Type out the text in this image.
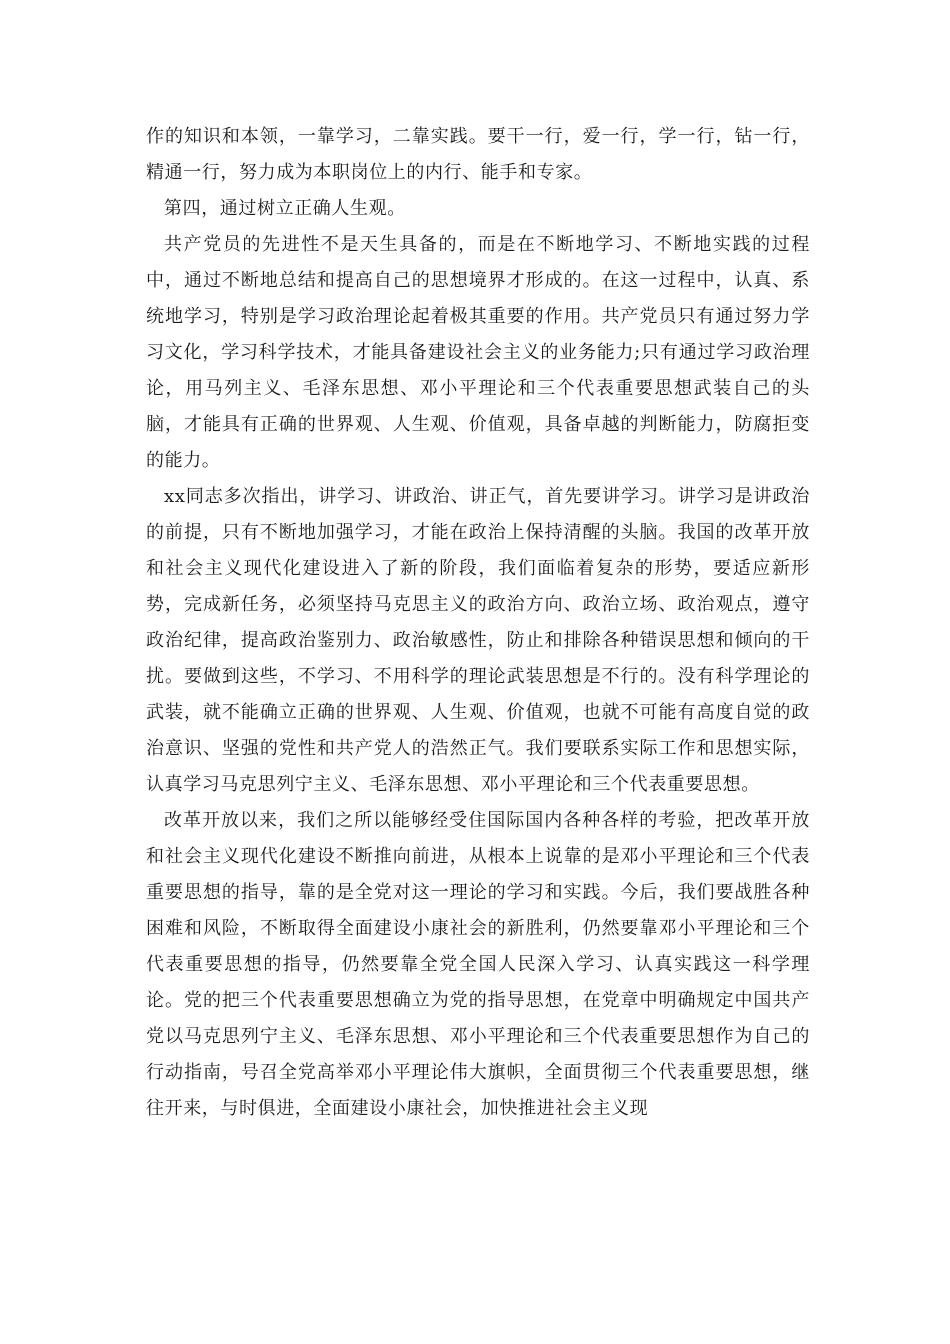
作的知识和本领，一靠学习，二靠实践。要干一行，爱一行，学一行，钻一行，精通一行，努力成为本职岗位上的内行、能手和专家。

第四，通过树立正确人生观。

共产党员的先进性不是天生具备的，而是在不断地学习、不断地实践的过程中，通过不断地总结和提高自己的思想境界才形成的。在这一过程中，认真、系统地学习，特别是学习政治理论起着极其重要的作用。共产党员只有通过努力学习文化，学习科学技术，才能具备建设社会主义的业务能力;只有通过学习政治理论，用马列主义、毛泽东思想、邓小平理论和三个代表重要思想武装自己的头脑，才能具有正确的世界观、人生观、价值观，具备卓越的判断能力，防腐拒变的能力。

xx同志多次指出，讲学习、讲政治、讲正气，首先要讲学习。讲学习是讲政治的前提，只有不断地加强学习，才能在政治上保持清醒的头脑。我国的改革开放和社会主义现代化建设进入了新的阶段，我们面临着复杂的形势，要适应新形势，完成新任务，必须坚持马克思主义的政治方向、政治立场、政治观点，遵守政治纪律，提高政治鉴别力、政治敏感性，防止和排除各种错误思想和倾向的干扰。要做到这些，不学习、不用科学的理论武装思想是不行的。没有科学理论的武装，就不能确立正确的世界观、人生观、价值观，也就不可能有高度自觉的政治意识、坚强的党性和共产党人的浩然正气。我们要联系实际工作和思想实际，认真学习马克思列宁主义、毛泽东思想、邓小平理论和三个代表重要思想。

改革开放以来，我们之所以能够经受住国际国内各种各样的考验，把改革开放和社会主义现代化建设不断推向前进，从根本上说靠的是邓小平理论和三个代表重要思想的指导，靠的是全党对这一理论的学习和实践。今后，我们要战胜各种困难和风险，不断取得全面建设小康社会的新胜利，仍然要靠邓小平理论和三个代表重要思想的指导，仍然要靠全党全国人民深入学习、认真实践这一科学理论。党的把三个代表重要思想确立为党的指导思想，在党章中明确规定中国共产党以马克思列宁主义、毛泽东思想、邓小平理论和三个代表重要思想作为自己的行动指南，号召全党高举邓小平理论伟大旗帜，全面贯彻三个代表重要思想，继往开来，与时俱进，全面建设小康社会，加快推进社会主义现
